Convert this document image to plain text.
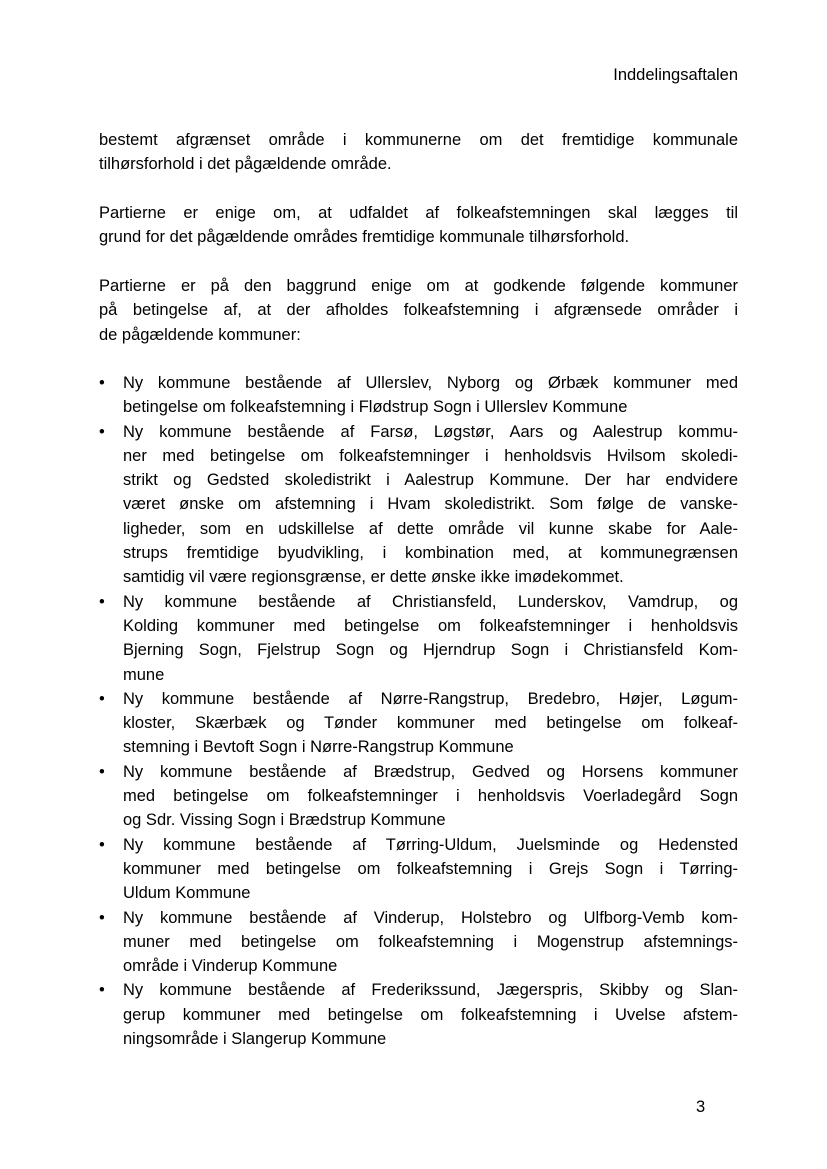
Inddelingsaftalen
bestemt afgrænset område i kommunerne om det fremtidige kommunale
tilhørsforhold i det pågældende område.
Partierne er enige om, at udfaldet af folkeafstemningen skal lægges til
grund for det pågældende områdes fremtidige kommunale tilhørsforhold.
Partierne er på den baggrund enige om at godkende følgende kommuner
på betingelse af, at der afholdes folkeafstemning i afgrænsede områder i
de pågældende kommuner:
• Ny kommune bestående af Ullerslev, Nyborg og Ørbæk kommuner med
betingelse om folkeafstemning i Flødstrup Sogn i Ullerslev Kommune
• Ny kommune bestående af Farsø, Løgstør, Aars og Aalestrup kommu-
ner med betingelse om folkeafstemninger i henholdsvis Hvilsom skoledi-
strikt og Gedsted skoledistrikt i Aalestrup Kommune. Der har endvidere
været ønske om afstemning i Hvam skoledistrikt. Som følge de vanske-
ligheder, som en udskillelse af dette område vil kunne skabe for Aale-
strups fremtidige byudvikling, i kombination med, at kommunegrænsen
samtidig vil være regionsgrænse, er dette ønske ikke imødekommet.
• Ny kommune bestående af Christiansfeld, Lunderskov, Vamdrup, og
Kolding kommuner med betingelse om folkeafstemninger i henholdsvis
Bjerning Sogn, Fjelstrup Sogn og Hjerndrup Sogn i Christiansfeld Kom-
mune
• Ny kommune bestående af Nørre-Rangstrup, Bredebro, Højer, Løgum-
kloster, Skærbæk og Tønder kommuner med betingelse om folkeaf-
stemning i Bevtoft Sogn i Nørre-Rangstrup Kommune
• Ny kommune bestående af Brædstrup, Gedved og Horsens kommuner
med betingelse om folkeafstemninger i henholdsvis Voerladegård Sogn
og Sdr. Vissing Sogn i Brædstrup Kommune
• Ny kommune bestående af Tørring-Uldum, Juelsminde og Hedensted
kommuner med betingelse om folkeafstemning i Grejs Sogn i Tørring-
Uldum Kommune
• Ny kommune bestående af Vinderup, Holstebro og Ulfborg-Vemb kom-
muner med betingelse om folkeafstemning i Mogenstrup afstemnings-
område i Vinderup Kommune
• Ny kommune bestående af Frederikssund, Jægerspris, Skibby og Slan-
gerup kommuner med betingelse om folkeafstemning i Uvelse afstem-
ningsområde i Slangerup Kommune
3
